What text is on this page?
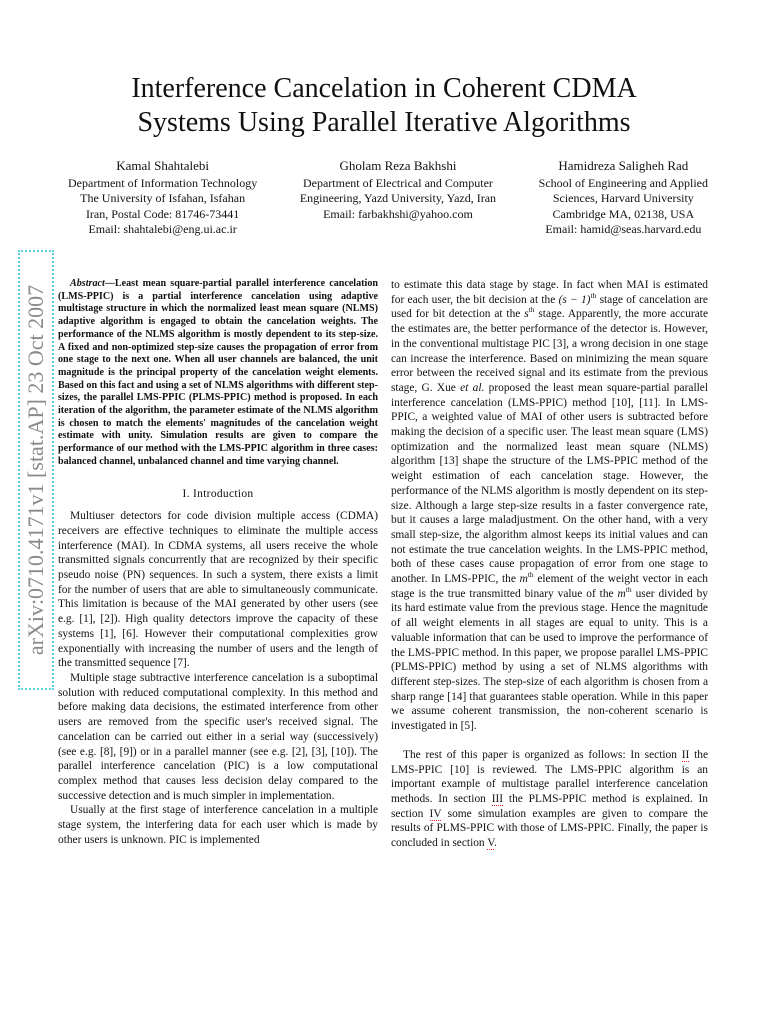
arXiv:0710.4171v1 [stat.AP] 23 Oct 2007
Interference Cancelation in Coherent CDMA
Systems Using Parallel Iterative Algorithms
Kamal Shahtalebi
Department of Information Technology
The University of Isfahan, Isfahan
Iran, Postal Code: 81746-73441
Email: shahtalebi@eng.ui.ac.ir
Gholam Reza Bakhshi
Department of Electrical and Computer
Engineering, Yazd University, Yazd, Iran
Email: farbakhshi@yahoo.com
Hamidreza Saligheh Rad
School of Engineering and Applied
Sciences, Harvard University
Cambridge MA, 02138, USA
Email: hamid@seas.harvard.edu

Abstract—Least mean square-partial parallel interference cancelation (LMS-PPIC) is a partial interference cancelation using adaptive multistage structure in which the normalized least mean square (NLMS) adaptive algorithm is engaged to obtain the cancelation weights. The performance of the NLMS algorithm is mostly dependent to its step-size. A fixed and non-optimized step-size causes the propagation of error from one stage to the next one. When all user channels are balanced, the unit magnitude is the principal property of the cancelation weight elements. Based on this fact and using a set of NLMS algorithms with different step-sizes, the parallel LMS-PPIC (PLMS-PPIC) method is proposed. In each iteration of the algorithm, the parameter estimate of the NLMS algorithm is chosen to match the elements' magnitudes of the cancelation weight estimate with unity. Simulation results are given to compare the performance of our method with the LMS-PPIC algorithm in three cases: balanced channel, unbalanced channel and time varying channel.

I. Introduction

Multiuser detectors for code division multiple access (CDMA) receivers are effective techniques to eliminate the multiple access interference (MAI). In CDMA systems, all users receive the whole transmitted signals concurrently that are recognized by their specific pseudo noise (PN) sequences. In such a system, there exists a limit for the number of users that are able to simultaneously communicate. This limitation is because of the MAI generated by other users (see e.g. [1], [2]). High quality detectors improve the capacity of these systems [1], [6]. However their computational complexities grow exponentially with increasing the number of users and the length of the transmitted sequence [7].

Multiple stage subtractive interference cancelation is a suboptimal solution with reduced computational complexity. In this method and before making data decisions, the estimated interference from other users are removed from the specific user's received signal. The cancelation can be carried out either in a serial way (successively) (see e.g. [8], [9]) or in a parallel manner (see e.g. [2], [3], [10]). The parallel interference cancelation (PIC) is a low computational complex method that causes less decision delay compared to the successive detection and is much simpler in implementation.

Usually at the first stage of interference cancelation in a multiple stage system, the interfering data for each user which is made by other users is unknown. PIC is implemented

to estimate this data stage by stage. In fact when MAI is estimated for each user, the bit decision at the $(s - 1)^{th}$ stage of cancelation are used for bit detection at the $s^{th}$ stage. Apparently, the more accurate the estimates are, the better performance of the detector is. However, in the conventional multistage PIC [3], a wrong decision in one stage can increase the interference. Based on minimizing the mean square error between the received signal and its estimate from the previous stage, G. Xue et al. proposed the least mean square-partial parallel interference cancelation (LMS-PPIC) method [10], [11]. In LMS-PPIC, a weighted value of MAI of other users is subtracted before making the decision of a specific user. The least mean square (LMS) optimization and the normalized least mean square (NLMS) algorithm [13] shape the structure of the LMS-PPIC method of the weight estimation of each cancelation stage. However, the performance of the NLMS algorithm is mostly dependent on its step-size. Although a large step-size results in a faster convergence rate, but it causes a large maladjustment. On the other hand, with a very small step-size, the algorithm almost keeps its initial values and can not estimate the true cancelation weights. In the LMS-PPIC method, both of these cases cause propagation of error from one stage to another. In LMS-PPIC, the $m^{th}$ element of the weight vector in each stage is the true transmitted binary value of the $m^{th}$ user divided by its hard estimate value from the previous stage. Hence the magnitude of all weight elements in all stages are equal to unity. This is a valuable information that can be used to improve the performance of the LMS-PPIC method. In this paper, we propose parallel LMS-PPIC (PLMS-PPIC) method by using a set of NLMS algorithms with different step-sizes. The step-size of each algorithm is chosen from a sharp range [14] that guarantees stable operation. While in this paper we assume coherent transmission, the non-coherent scenario is investigated in [5].

The rest of this paper is organized as follows: In section II the LMS-PPIC [10] is reviewed. The LMS-PPIC algorithm is an important example of multistage parallel interference cancelation methods. In section III the PLMS-PPIC method is explained. In section IV some simulation examples are given to compare the results of PLMS-PPIC with those of LMS-PPIC. Finally, the paper is concluded in section V.
